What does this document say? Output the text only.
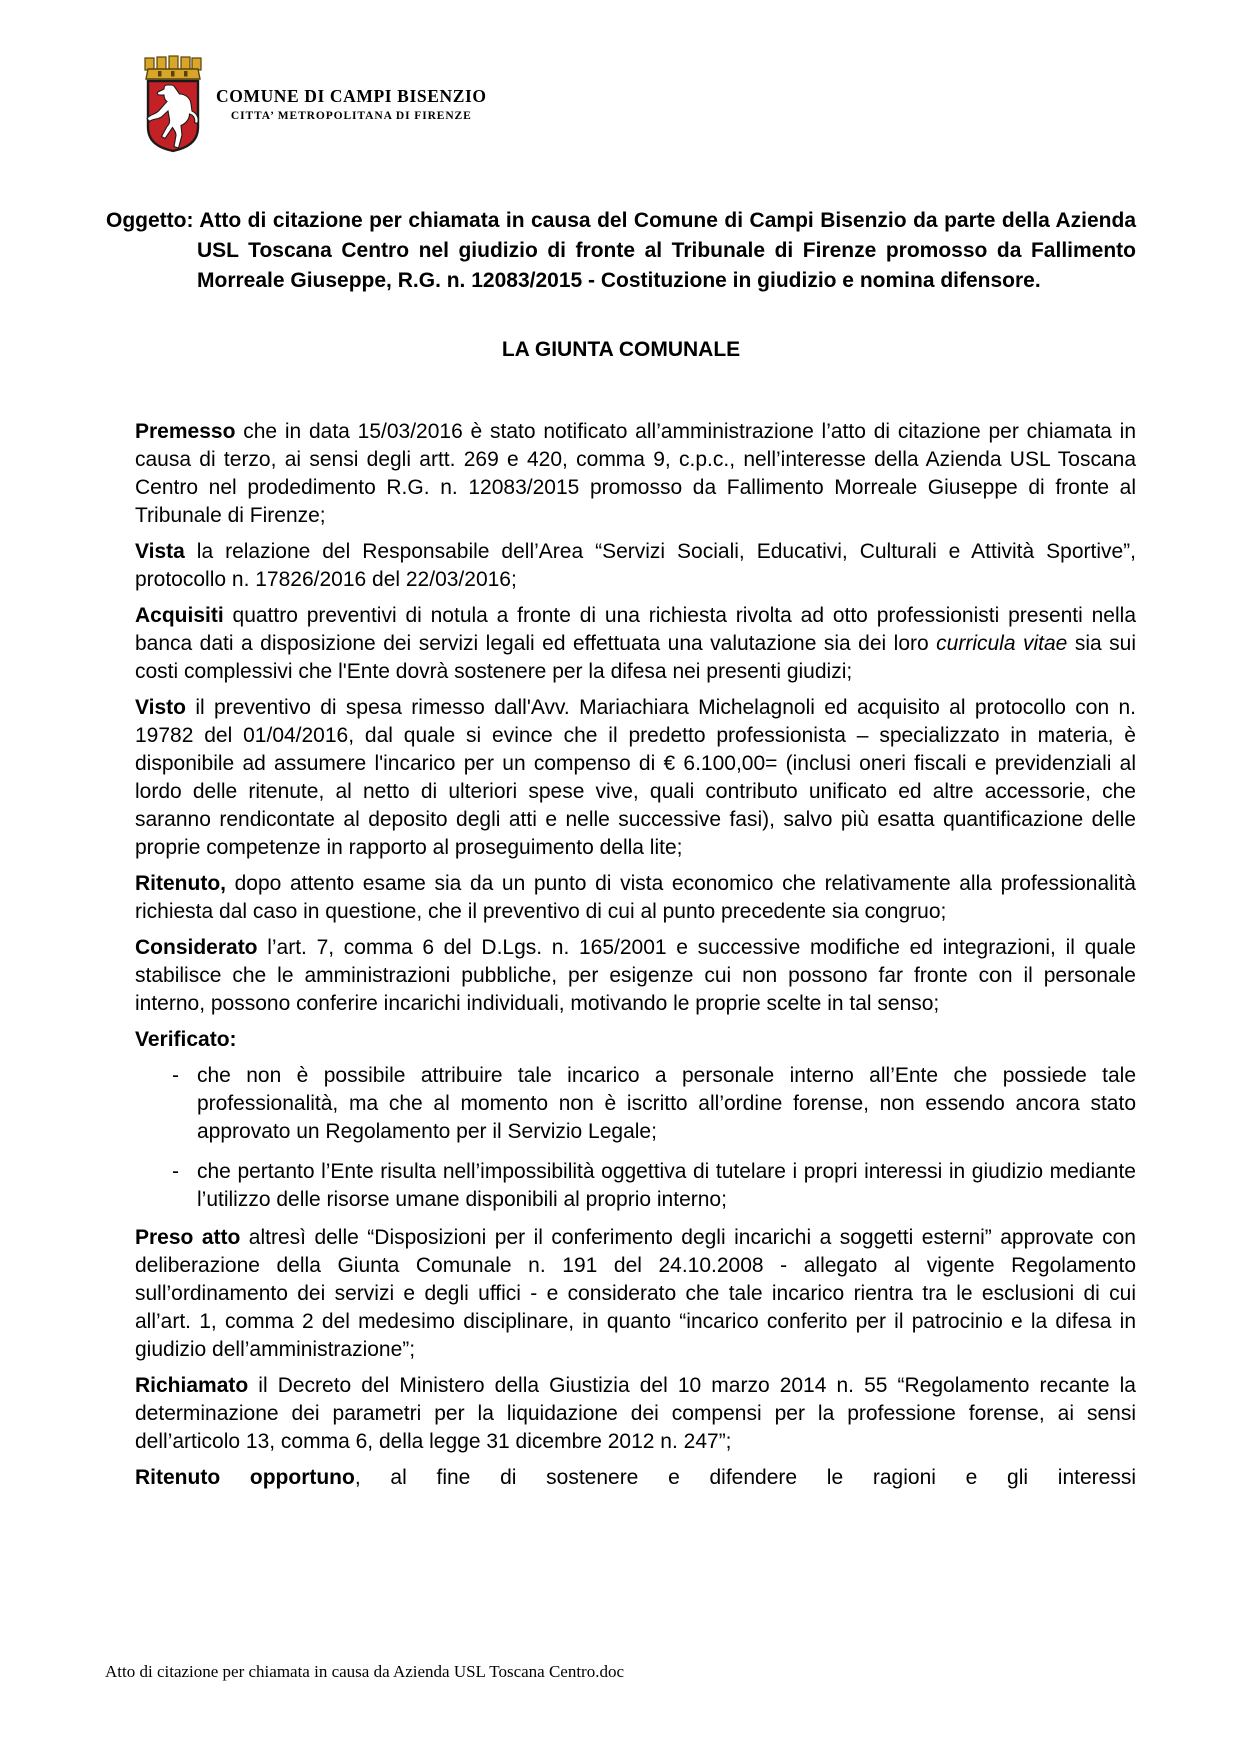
COMUNE DI CAMPI BISENZIO
CITTA’ METROPOLITANA DI FIRENZE
Oggetto: Atto di citazione per chiamata in causa del Comune di Campi Bisenzio da parte della Azienda USL Toscana Centro nel giudizio di fronte al Tribunale di Firenze promosso da Fallimento Morreale Giuseppe, R.G. n. 12083/2015 - Costituzione in giudizio e nomina difensore.
LA GIUNTA COMUNALE

Premesso che in data 15/03/2016 è stato notificato all’amministrazione l’atto di citazione per chiamata in causa di terzo, ai sensi degli artt. 269 e 420, comma 9, c.p.c., nell’interesse della Azienda USL Toscana Centro nel prodedimento R.G. n. 12083/2015 promosso da Fallimento Morreale Giuseppe di fronte al Tribunale di Firenze;

Vista la relazione del Responsabile dell’Area “Servizi Sociali, Educativi, Culturali e Attività Sportive”, protocollo n. 17826/2016 del 22/03/2016;

Acquisiti quattro preventivi di notula a fronte di una richiesta rivolta ad otto professionisti presenti nella banca dati a disposizione dei servizi legali ed effettuata una valutazione sia dei loro curricula vitae sia sui costi complessivi che l'Ente dovrà sostenere per la difesa nei presenti giudizi;

Visto il preventivo di spesa rimesso dall'Avv. Mariachiara Michelagnoli ed acquisito al protocollo con n. 19782 del 01/04/2016, dal quale si evince che il predetto professionista – specializzato in materia, è disponibile ad assumere l'incarico per un compenso di € 6.100,00= (inclusi oneri fiscali e previdenziali al lordo delle ritenute, al netto di ulteriori spese vive, quali contributo unificato ed altre accessorie, che saranno rendicontate al deposito degli atti e nelle successive fasi), salvo più esatta quantificazione delle proprie competenze in rapporto al proseguimento della lite;

Ritenuto, dopo attento esame sia da un punto di vista economico che relativamente alla professionalità richiesta dal caso in questione, che il preventivo di cui al punto precedente sia congruo;

Considerato l’art. 7, comma 6 del D.Lgs. n. 165/2001 e successive modifiche ed integrazioni, il quale stabilisce che le amministrazioni pubbliche, per esigenze cui non possono far fronte con il personale interno, possono conferire incarichi individuali, motivando le proprie scelte in tal senso;

Verificato:

- che non è possibile attribuire tale incarico a personale interno all’Ente che possiede tale professionalità, ma che al momento non è iscritto all’ordine forense, non essendo ancora stato approvato un Regolamento per il Servizio Legale;
- che pertanto l’Ente risulta nell’impossibilità oggettiva di tutelare i propri interessi in giudizio mediante l’utilizzo delle risorse umane disponibili al proprio interno;

Preso atto altresì delle “Disposizioni per il conferimento degli incarichi a soggetti esterni” approvate con deliberazione della Giunta Comunale n. 191 del 24.10.2008 - allegato al vigente Regolamento sull’ordinamento dei servizi e degli uffici - e considerato che tale incarico rientra tra le esclusioni di cui all’art. 1, comma 2 del medesimo disciplinare, in quanto “incarico conferito per il patrocinio e la difesa in giudizio dell’amministrazione”;

Richiamato il Decreto del Ministero della Giustizia del 10 marzo 2014 n. 55 “Regolamento recante la determinazione dei parametri per la liquidazione dei compensi per la professione forense, ai sensi dell’articolo 13, comma 6, della legge 31 dicembre 2012 n. 247”;

Ritenuto opportuno, al fine di sostenere e difendere le ragioni e gli interessi

Atto di citazione per chiamata in causa da Azienda USL Toscana Centro.doc
